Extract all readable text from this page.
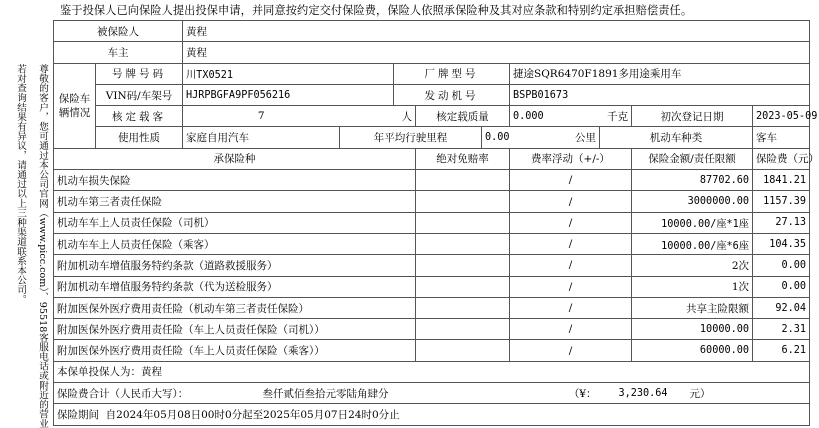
鉴于投保人已向保险人提出投保申请，并同意按约定交付保险费，保险人依照承保险种及其对应条款和特别约定承担赔偿责任。
若对查询结果有异议，请通过以上三种渠道联系本公司。	尊敬的客户，您可通过本公司官网（www.picc.com）、95518客服电话或附近的营业
被保险人		黄程											
车主		黄程											
保险车辆情况	号牌号码	川TX0521			厂牌型号			捷途SQR6470F1891多用途乘用车					
	VIN码/车架号	HJRPBGFA9PF056216			发动机号			BSPB01673					
	核定载客	7		人		核定载质量		0.000		千克	初次登记日期		2023-05-09
	使用性质	家庭自用汽车		年平均行驶里程			0.00		公里	机动车种类			客车
承保险种						绝对免赔率		费率浮动（+/-）			保险金额/责任限额		保险费（元）
机动车损失保险								/			87702.60		1841.21
机动车第三者责任保险								/			3000000.00		1157.39
机动车车上人员责任保险（司机）								/			10000.00/座*1座		27.13
机动车车上人员责任保险（乘客）								/			10000.00/座*6座		104.35
附加机动车增值服务特约条款（道路救援服务）								/			2次		0.00
附加机动车增值服务特约条款（代为送检服务）								/			1次		0.00
附加医保外医疗费用责任险（机动车第三者责任保险）								/			共享主险限额		92.04
附加医保外医疗费用责任险（车上人员责任保险（司机））								/			10000.00		2.31
附加医保外医疗费用责任险（车上人员责任保险（乘客））								/			60000.00		6.21
本保单投保人为：黄程													
保险费合计（人民币大写）：			叁仟贰佰叁拾元零陆角肆分					（¥：		3,230.64		元）	
保险期间  自2024年05月08日00时0分起至2025年05月07日24时0分止													
